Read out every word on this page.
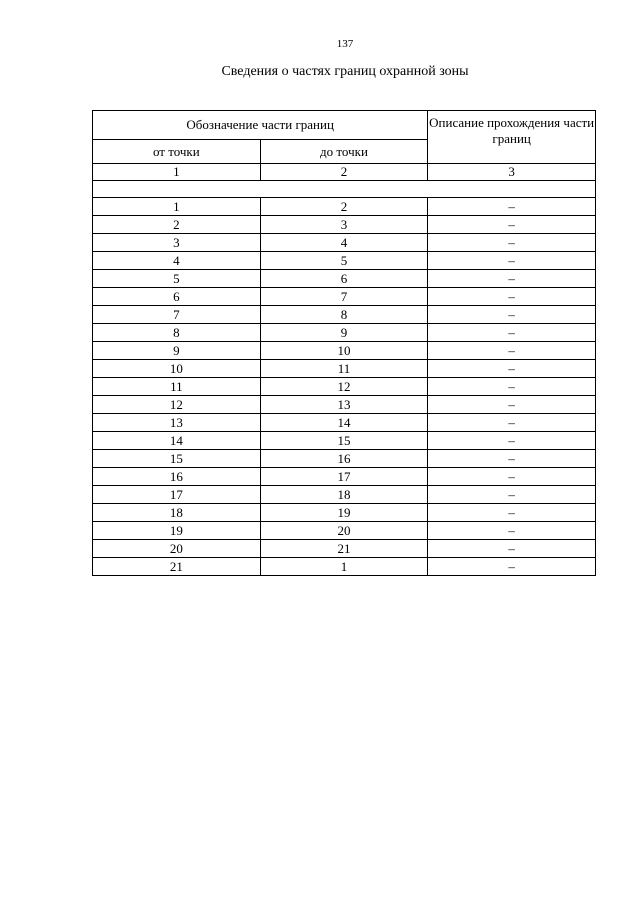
137
Сведения о частях границ охранной зоны
Обозначение части границ		Описание прохождения части границ
от точки	до точки	
1	2	3

1	2	–
2	3	–
3	4	–
4	5	–
5	6	–
6	7	–
7	8	–
8	9	–
9	10	–
10	11	–
11	12	–
12	13	–
13	14	–
14	15	–
15	16	–
16	17	–
17	18	–
18	19	–
19	20	–
20	21	–
21	1	–
